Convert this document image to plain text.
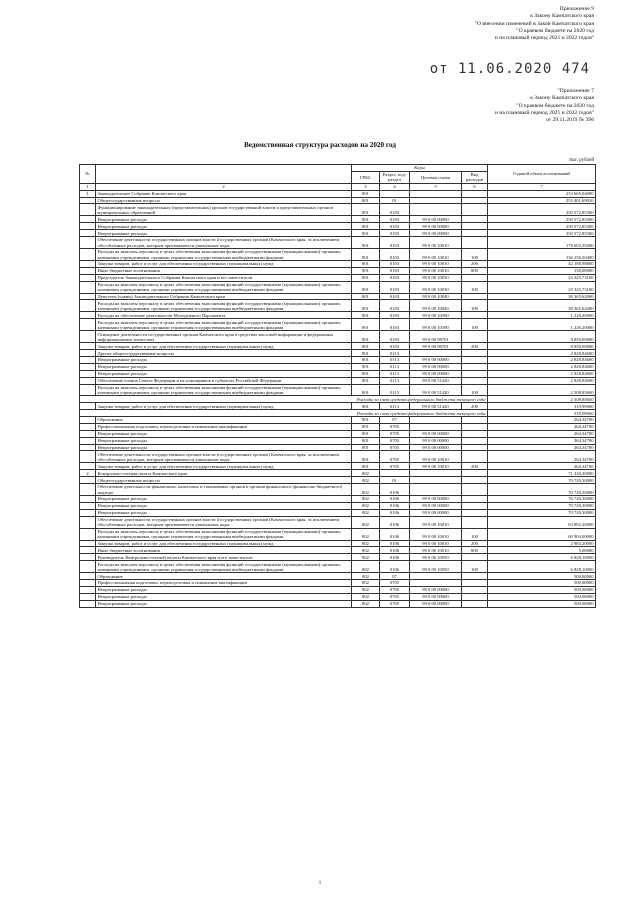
Приложение 9
к Закону Камчатского края
"О внесении изменений в Закон Камчатского края
"О краевом бюджете на 2020 год
и на плановый период 2021 и 2022 годов"
от 11.06.2020 474
"Приложение 7
к Закону Камчатского края
"О краевом бюджете на 2020 год
и на плановый период 2021 и 2022 годов"
от 29.11.2019 № 396
Ведомственная структура расходов на 2020 год
тыс. рублей
№		Коды				Годовой объем ассигнований
		ГРБС	Раздел, под-раздел	Целевая статья	Вид расходов	
1	2	3	4	5	6	7
1	Законодательное Собрание Камчатского края	801				253 665,04000
	Общегосударственные вопросы	801	01			253 401,69920
	Функционирование законодательных (представительных) органов государственной власти и представительных органов муниципальных образований	801	0103			250 572,85300
	Непрограммные расходы	801	0103	99 0 00 00000		250 572,85300
	Непрограммные расходы	801	0103	99 0 00 00000		250 572,85300
	Непрограммные расходы	801	0103	99 0 00 00000		250 572,85300
	Обеспечение деятельности государственных органов власти (государственных органов) Камчатского края, за исключением обособленных расходов, которым присваиваются уникальные коды	801	0103	99 0 00 10010		178 603,39200
	Расходы на выплаты персоналу в целях обеспечения выполнения функций государственными (муниципальными) органами, казенными учреждениями, органами управления государственными внебюджетными фондами	801	0103	99 0 00 10010	100	136 256,20400
	Закупка товаров, работ и услуг для обеспечения государственных (муниципальных) нужд	801	0103	99 0 00 10010	200	42 188,98800
	Иные бюджетные ассигнования	801	0103	99 0 00 10010	800	150,00000
	Председатель Законодательного Собрания Камчатского края и его заместители	801	0103	99 0 00 10030		23 325,73100
	Расходы на выплаты персоналу в целях обеспечения выполнения функций государственными (муниципальными) органами, казенными учреждениями, органами управления государственными внебюджетными фондами	801	0103	99 0 00 10030	100	23 325,73100
	Депутаты (члены) Законодательного Собрания Камчатского края	801	0103	99 0 00 10040		38 365,62000
	Расходы на выплаты персоналу в целях обеспечения выполнения функций государственными (муниципальными) органами, казенными учреждениями, органами управления государственными внебюджетными фондами	801	0103	99 0 00 10040	100	38 365,62000
	Расходы на обеспечение деятельности Молодежного Парламента	801	0103	99 0 00 10390		1 226,20000
	Расходы на выплаты персоналу в целях обеспечения выполнения функций государственными (муниципальными) органами, казенными учреждениями, органами управления государственными внебюджетными фондами	801	0103	99 0 00 10390	100	1 226,20000
	Освещение деятельности государственных органов Камчатского края в средствах массовой информации и федеральных информационных агентствах	801	0103	99 0 00 98701		8 850,00000
	Закупка товаров, работ и услуг для обеспечения государственных (муниципальных) нужд	801	0103	99 0 00 98701	200	8 850,00000
	Другие общегосударственные вопросы	801	0113			2 828,84600
	Непрограммные расходы	801	0113	99 0 00 00000		2 828,84600
	Непрограммные расходы	801	0113	99 0 00 00000		2 828,84600
	Непрограммные расходы	801	0113	99 0 00 00000		2 828,84600
	Обеспечение членов Совета Федерации и их помощников в субъектах Российской Федерации	801	0113	99 0 00 51420		2 828,84600
	Расходы на выплаты персоналу в целях обеспечения выполнения функций государственными (муниципальными) органами, казенными учреждениями, органами управления государственными внебюджетными фондами	801	0113	99 0 00 51420	100	2 508,85600
Расходы за счет средств федерального бюджета текущего года						2 508,85600
	Закупка товаров, работ и услуг для обеспечения государственных (муниципальных) нужд	801	0113	99 0 00 51420	200	319,99000
Расходы за счет средств федерального бюджета текущего года						319,99000
	Образование	801	07			264,34700
	Профессиональная подготовка, переподготовка и повышение квалификации	801	0705			264,34700
	Непрограммные расходы	801	0705	99 0 00 00000		264,34700
	Непрограммные расходы	801	0705	99 0 00 00000		264,34700
	Непрограммные расходы	801	0705	99 0 00 00000		264,34700
	Обеспечение деятельности государственных органов власти (государственных органов) Камчатского края, за исключением обособленных расходов, которым присваиваются уникальные коды	801	0705	99 0 00 10010		264,34700
	Закупка товаров, работ и услуг для обеспечения государственных (муниципальных) нужд	801	0705	99 0 00 10010	200	264,34700
2	Контрольно-счетная палата Камчатского края	802				71 220,30000
	Общегосударственные вопросы	802	01			70 720,30000
	Обеспечение деятельности финансовых, налоговых и таможенных органов и органов финансового (финансово-бюджетного) надзора	802	0106			70 720,30000
	Непрограммные расходы	802	0106	99 0 00 00000		70 720,30000
	Непрограммные расходы	802	0106	99 0 00 00000		70 720,30000
	Непрограммные расходы	802	0106	99 0 00 00000		70 720,30000
	Обеспечение деятельности государственных органов власти (государственных органов) Камчатского края, за исключением обособленных расходов, которым присваиваются уникальные коды	802	0106	99 0 00 10010		63 892,20000
	Расходы на выплаты персоналу в целях обеспечения выполнения функций государственными (муниципальными) органами, казенными учреждениями, органами управления государственными внебюджетными фондами	802	0106	99 0 00 10010	100	60 904,00000
	Закупка товаров, работ и услуг для обеспечения государственных (муниципальных) нужд	802	0106	99 0 00 10010	200	2 983,20000
	Иные бюджетные ассигнования	802	0106	99 0 00 10010	800	5,00000
	Руководитель Контрольно-счетной палаты Камчатского края и его заместители	802	0106	99 0 00 10050		6 828,10000
	Расходы на выплаты персоналу в целях обеспечения выполнения функций государственными (муниципальными) органами, казенными учреждениями, органами управления государственными внебюджетными фондами	802	0106	99 0 00 10050	100	6 828,10000
	Образование	802	07			500,00000
	Профессиональная подготовка, переподготовка и повышение квалификации	802	0705			500,00000
	Непрограммные расходы	802	0705	99 0 00 00000		500,00000
	Непрограммные расходы	802	0705	99 0 00 00000		500,00000
	Непрограммные расходы	802	0705	99 0 00 00000		500,00000
1
